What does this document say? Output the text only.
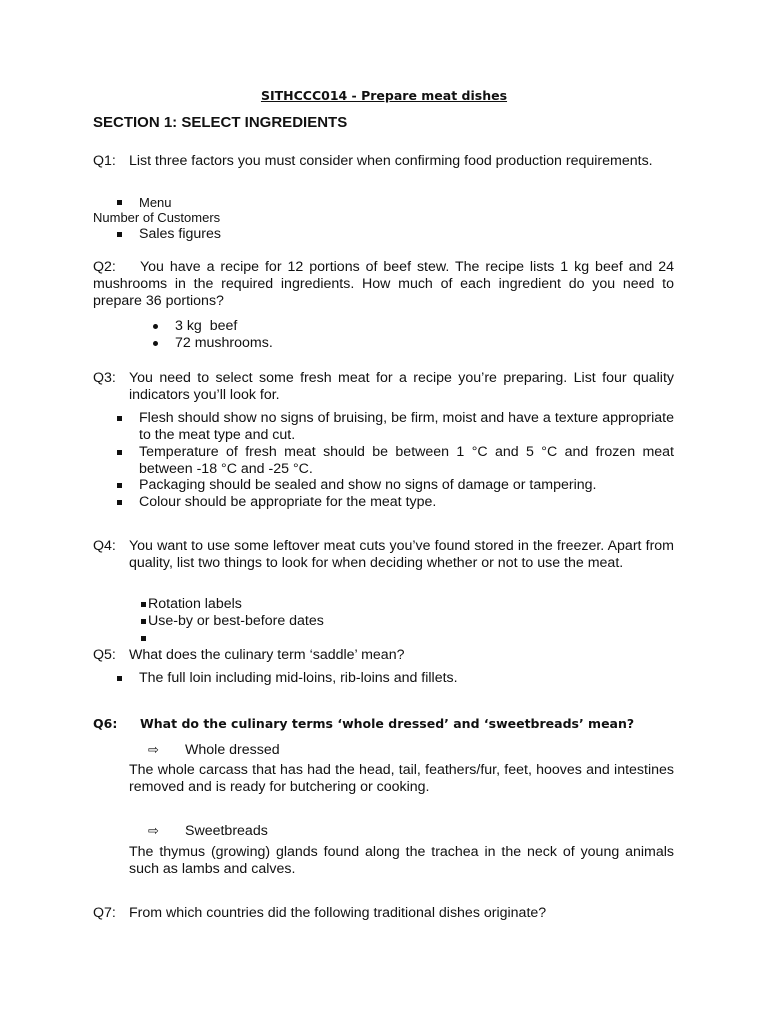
SITHCCC014 - Prepare meat dishes
SECTION 1: SELECT INGREDIENTS
Q1: List three factors you must consider when confirming food production requirements.
Menu
Number of Customers
Sales figures
Q2:	You have a recipe for 12 portions of beef stew. The recipe lists 1 kg beef and 24 mushrooms in the required ingredients. How much of each ingredient do you need to prepare 36 portions?
3 kg  beef
72 mushrooms.
Q3: You need to select some fresh meat for a recipe you’re preparing. List four quality indicators you’ll look for.
Flesh should show no signs of bruising, be firm, moist and have a texture appropriate to the meat type and cut.
Temperature of fresh meat should be between 1 °C and 5 °C and frozen meat between -18 °C and -25 °C.
Packaging should be sealed and show no signs of damage or tampering.
Colour should be appropriate for the meat type.
Q4: You want to use some leftover meat cuts you’ve found stored in the freezer. Apart from quality, list two things to look for when deciding whether or not to use the meat.
Rotation labels
Use-by or best-before dates
Q5: What does the culinary term ‘saddle’ mean?
The full loin including mid-loins, rib-loins and fillets.
Q6: What do the culinary terms ‘whole dressed’ and ‘sweetbreads’ mean?
⇨ Whole dressed
The whole carcass that has had the head, tail, feathers/fur, feet, hooves and intestines removed and is ready for butchering or cooking.
⇨ Sweetbreads
The thymus (growing) glands found along the trachea in the neck of young animals such as lambs and calves.
Q7: From which countries did the following traditional dishes originate?
